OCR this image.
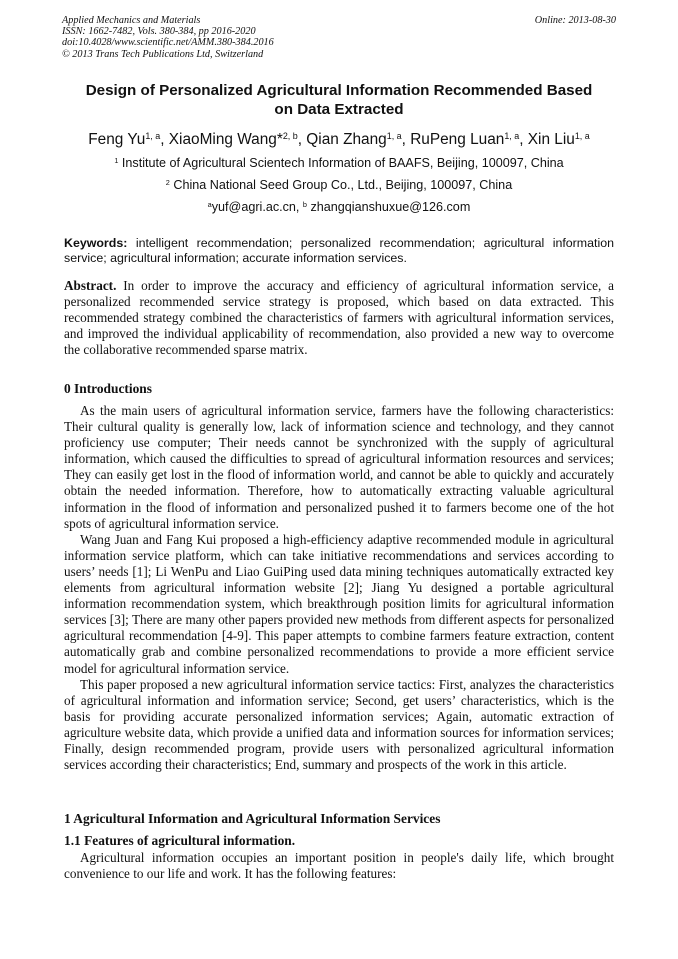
Applied Mechanics and Materials
ISSN: 1662-7482, Vols. 380-384, pp 2016-2020
doi:10.4028/www.scientific.net/AMM.380-384.2016
© 2013 Trans Tech Publications Ltd, Switzerland
Online: 2013-08-30
Design of Personalized Agricultural Information Recommended Based
on Data Extracted
Feng Yu$^{1, a}$, XiaoMing Wang*$^{2, b}$, Qian Zhang$^{1, a}$, RuPeng Luan$^{1, a}$, Xin Liu$^{1, a}$
$^1$ Institute of Agricultural Scientech Information of BAAFS, Beijing, 100097, China
$^2$ China National Seed Group Co., Ltd., Beijing, 100097, China
$^a$yuf@agri.ac.cn, $^b$ zhangqianshuxue@126.com
Keywords: intelligent recommendation; personalized recommendation; agricultural information service; agricultural information; accurate information services.

Abstract. In order to improve the accuracy and efficiency of agricultural information service, a personalized recommended service strategy is proposed, which based on data extracted. This recommended strategy combined the characteristics of farmers with agricultural information services, and improved the individual applicability of recommendation, also provided a new way to overcome the collaborative recommended sparse matrix.

0 Introductions

As the main users of agricultural information service, farmers have the following characteristics: Their cultural quality is generally low, lack of information science and technology, and they cannot proficiency use computer; Their needs cannot be synchronized with the supply of agricultural information, which caused the difficulties to spread of agricultural information resources and services; They can easily get lost in the flood of information world, and cannot be able to quickly and accurately obtain the needed information. Therefore, how to automatically extracting valuable agricultural information in the flood of information and personalized pushed it to farmers become one of the hot spots of agricultural information service.

Wang Juan and Fang Kui proposed a high-efficiency adaptive recommended module in agricultural information service platform, which can take initiative recommendations and services according to users’ needs [1]; Li WenPu and Liao GuiPing used data mining techniques automatically extracted key elements from agricultural information website [2]; Jiang Yu designed a portable agricultural information recommendation system, which breakthrough position limits for agricultural information services [3]; There are many other papers provided new methods from different aspects for personalized agricultural recommendation [4-9]. This paper attempts to combine farmers feature extraction, content automatically grab and combine personalized recommendations to provide a more efficient service model for agricultural information service.

This paper proposed a new agricultural information service tactics: First, analyzes the characteristics of agricultural information and information service; Second, get users’ characteristics, which is the basis for providing accurate personalized information services; Again, automatic extraction of agriculture website data, which provide a unified data and information sources for information services; Finally, design recommended program, provide users with personalized agricultural information services according their characteristics; End, summary and prospects of the work in this article.

1 Agricultural Information and Agricultural Information Services
1.1 Features of agricultural information.

Agricultural information occupies an important position in people's daily life, which brought convenience to our life and work. It has the following features:
